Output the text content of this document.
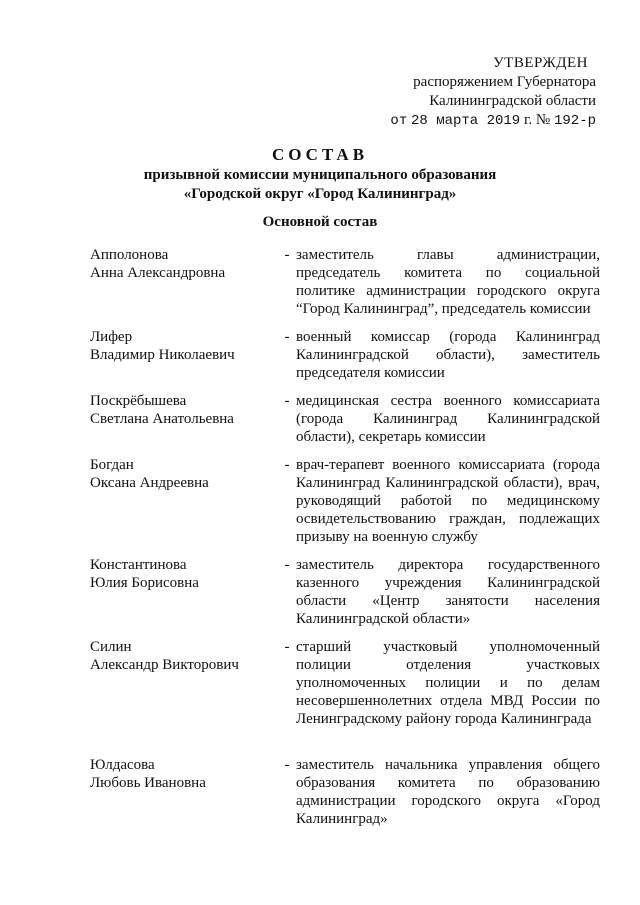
УТВЕРЖДЕН
распоряжением Губернатора
Калининградской области
от 28 марта 2019 г. № 192-р
СОСТАВ
призывной комиссии муниципального образования
«Городской округ «Город Калининград»
Основной состав
Апполонова
Анна Александровна
- заместитель главы администрации, председатель комитета по социальной политике администрации городского округа “Город Калининград”, председатель комиссии
Лифер
Владимир Николаевич
- военный комиссар (города Калининград Калининградской области), заместитель председателя комиссии
Поскрёбышева
Светлана Анатольевна
- медицинская сестра военного комиссариата (города Калининград Калининградской области), секретарь комиссии
Богдан
Оксана Андреевна
- врач-терапевт военного комиссариата (города Калининград Калининградской области), врач, руководящий работой по медицинскому освидетельствованию граждан, подлежащих призыву на военную службу
Константинова
Юлия Борисовна
- заместитель директора государственного казенного учреждения Калининградской области «Центр занятости населения Калининградской области»
Силин
Александр Викторович
- старший участковый уполномоченный полиции отделения участковых уполномоченных полиции и по делам несовершеннолетних отдела МВД России по Ленинградскому району города Калининграда
Юлдасова
Любовь Ивановна
- заместитель начальника управления общего образования комитета по образованию администрации городского округа «Город Калининград»
